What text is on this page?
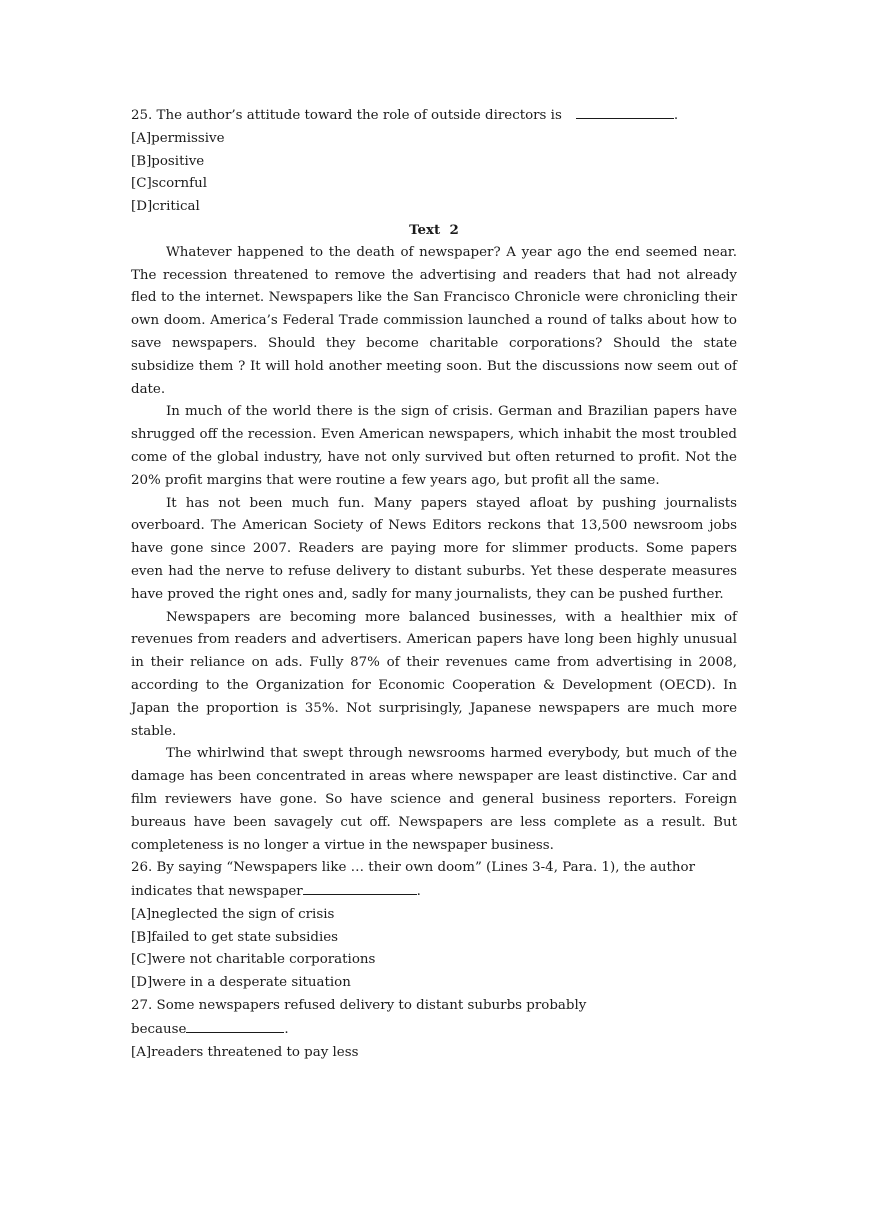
25. The author’s attitude toward the role of outside directors is	.

[A]permissive

[B]positive

[C]scornful

[D]critical

Text  2

Whatever happened to the death of newspaper? A year ago the end seemed near. The recession threatened to remove the advertising and readers that had not already fled to the internet. Newspapers like the San Francisco Chronicle were chronicling their own doom. America’s Federal Trade commission launched a round of talks about how to save newspapers. Should they become charitable corporations? Should the state subsidize them ? It will hold another meeting soon. But the discussions now seem out of date.

In much of the world there is the sign of crisis. German and Brazilian papers have shrugged off the recession. Even American newspapers, which inhabit the most troubled come of the global industry, have not only survived but often returned to profit. Not the 20% profit margins that were routine a few years ago, but profit all the same.

It has not been much fun. Many papers stayed afloat by pushing journalists overboard. The American Society of News Editors reckons that 13,500 newsroom jobs have gone since 2007. Readers are paying more for slimmer products. Some papers even had the nerve to refuse delivery to distant suburbs. Yet these desperate measures have proved the right ones and, sadly for many journalists, they can be pushed further.

Newspapers are becoming more balanced businesses, with a healthier mix of revenues from readers and advertisers. American papers have long been highly unusual in their reliance on ads. Fully 87% of their revenues came from advertising in 2008, according to the Organization for Economic Cooperation & Development (OECD). In Japan the proportion is 35%. Not surprisingly, Japanese newspapers are much more stable.

The whirlwind that swept through newsrooms harmed everybody, but much of the damage has been concentrated in areas where newspaper are least distinctive. Car and film reviewers have gone. So have science and general business reporters. Foreign bureaus have been savagely cut off. Newspapers are less complete as a result. But completeness is no longer a virtue in the newspaper business.

26. By saying “Newspapers like … their own doom” (Lines 3-4, Para. 1), the author

indicates that newspaper	.

[A]neglected the sign of crisis

[B]failed to get state subsidies

[C]were not charitable corporations

[D]were in a desperate situation

27. Some newspapers refused delivery to distant suburbs probably

because	.

[A]readers threatened to pay less
